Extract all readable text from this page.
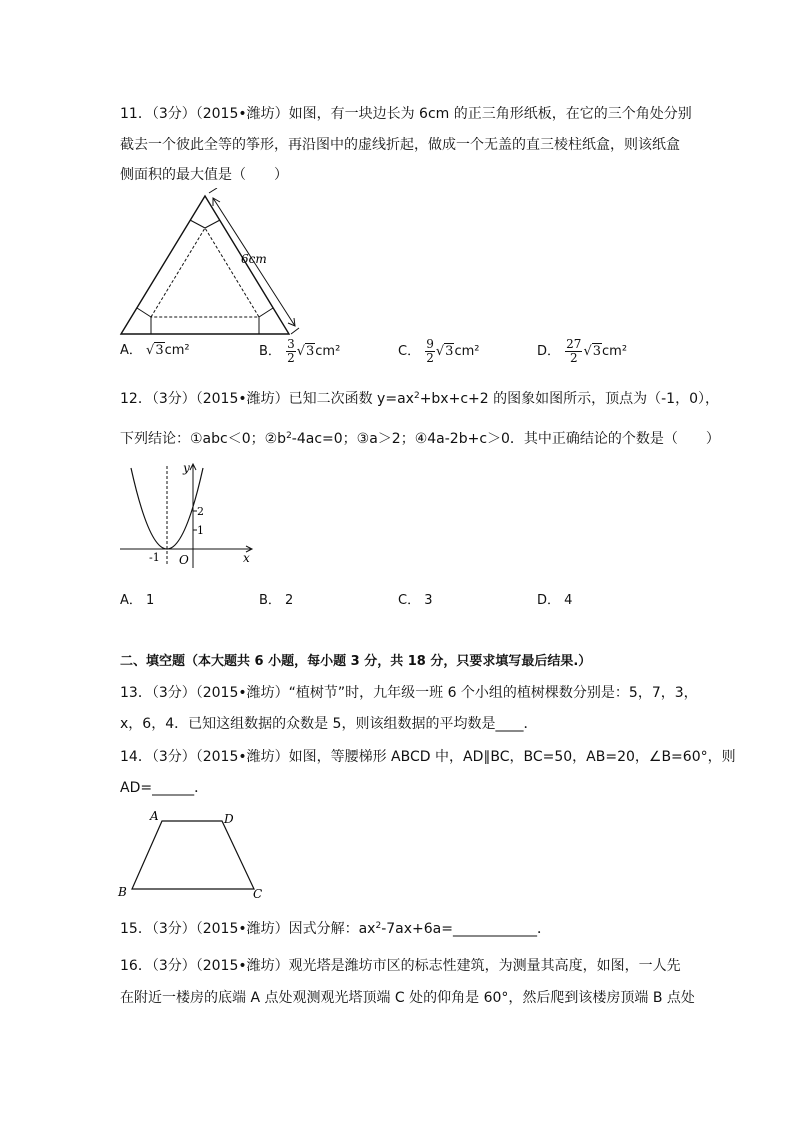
11．（3分）（2015•潍坊）如图，有一块边长为 6cm 的正三角形纸板，在它的三个角处分别
截去一个彼此全等的筝形，再沿图中的虚线折起，做成一个无盖的直三棱柱纸盒，则该纸盒
侧面积的最大值是（　　）
6cm
A． √3cm²	B． $\frac{3}{2} √3cm^2$	C． $\frac{9}{2} √3cm^2$	D． $\frac{27}{2} √3cm^2$
12．（3分）（2015•潍坊）已知二次函数 $y=ax^2+bx+c+2$ 的图象如图所示，顶点为（-1，0），
下列结论：①abc＜0；$②b^2-4ac=0$；③a＞2；④4a-2b+c＞0．其中正确结论的个数是（　　）
y
x
O
-1
1
2
A． 1	B． 2	C． 3	D． 4
二、填空题（本大题共 6 小题，每小题 3 分，共 18 分，只要求填写最后结果.）
13．（3分）（2015•潍坊）“植树节”时，九年级一班 6 个小组的植树棵数分别是：5，7，3，
x，6，4．已知这组数据的众数是 5，则该组数据的平均数是____．
14．（3分）（2015•潍坊）如图，等腰梯形 ABCD 中，AD∥BC，BC=50，AB=20，∠B=60°，则
AD=______．
A	D
B	C
15．（3分）（2015•潍坊）因式分解：$ax^2-7ax+6a=\_\_\_\_\_\_\_\_\_\_\_\_$．
16．（3分）（2015•潍坊）观光塔是潍坊市区的标志性建筑，为测量其高度，如图，一人先
在附近一楼房的底端 A 点处观测观光塔顶端 C 处的仰角是 60°，然后爬到该楼房顶端 B 点处
